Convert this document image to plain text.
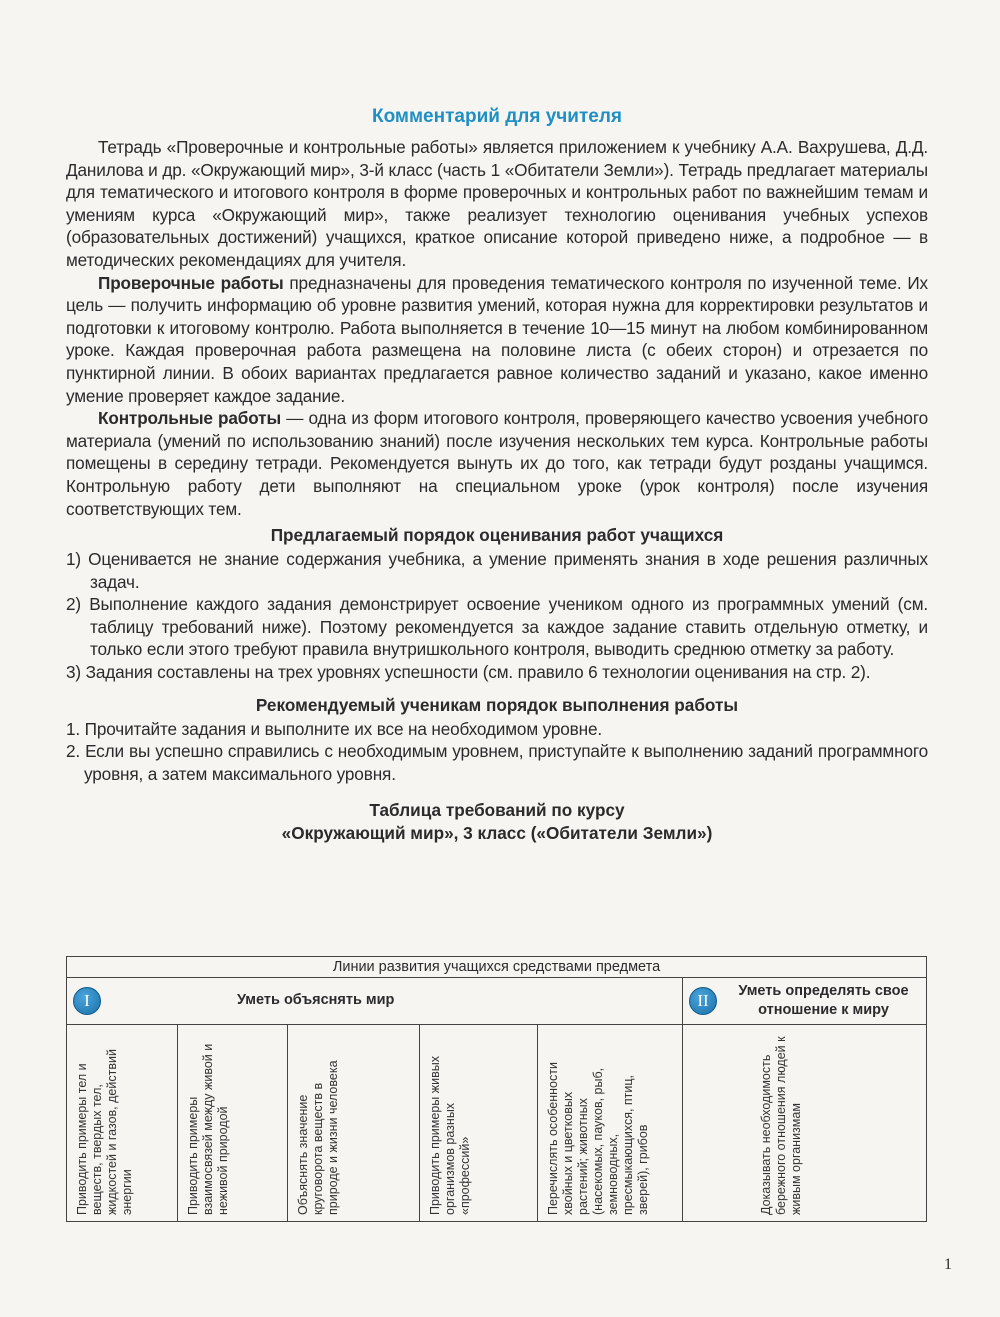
Комментарий для учителя

Тетрадь «Проверочные и контрольные работы» является приложением к учебнику А.А. Вахрушева, Д.Д. Данилова и др. «Окружающий мир», 3-й класс (часть 1 «Обитатели Земли»). Тетрадь предлагает материалы для тематического и итогового контроля в форме проверочных и контрольных работ по важнейшим темам и умениям курса «Окружающий мир», также реализует технологию оценивания учебных успехов (образовательных достижений) учащихся, краткое описание которой приведено ниже, а подробное — в методических рекомендациях для учителя.

Проверочные работы предназначены для проведения тематического контроля по изученной теме. Их цель — получить информацию об уровне развития умений, которая нужна для корректировки результатов и подготовки к итоговому контролю. Работа выполняется в течение 10—15 минут на любом комбинированном уроке. Каждая проверочная работа размещена на половине листа (с обеих сторон) и отрезается по пунктирной линии. В обоих вариантах предлагается равное количество заданий и указано, какое именно умение проверяет каждое задание.

Контрольные работы — одна из форм итогового контроля, проверяющего качество усвоения учебного материала (умений по использованию знаний) после изучения нескольких тем курса. Контрольные работы помещены в середину тетради. Рекомендуется вынуть их до того, как тетради будут розданы учащимся. Контрольную работу дети выполняют на специальном уроке (урок контроля) после изучения соответствующих тем.

Предлагаемый порядок оценивания работ учащихся
1) Оценивается не знание содержания учебника, а умение применять знания в ходе решения различных задач.
2) Выполнение каждого задания демонстрирует освоение учеником одного из программных умений (см. таблицу требований ниже). Поэтому рекомендуется за каждое задание ставить отдельную отметку, и только если этого требуют правила внутришкольного контроля, выводить среднюю отметку за работу.
3) Задания составлены на трех уровнях успешности (см. правило 6 технологии оценивания на стр. 2).
Рекомендуемый ученикам порядок выполнения работы
1. Прочитайте задания и выполните их все на необходимом уровне.
2. Если вы успешно справились с необходимым уровнем, приступайте к выполнению заданий программного уровня, а затем максимального уровня.
Таблица требований по курсу
«Окружающий мир», 3 класс («Обитатели Земли»)
Линии развития учащихся средствами предмета					

I Уметь объяснять мир					II Уметь определять свое отношение к миру

Приводить примеры тел и веществ, твердых тел, жидкостей и газов, действий энергии	Приводить примеры взаимосвязей между живой и неживой природой	Объяснять значение круговорота веществ в природе и жизни человека	Приводить примеры живых организмов разных «профессий»	Перечислять особенности хвойных и цветковых растений; животных (насекомых, пауков, рыб, земноводных, пресмыкающихся, птиц, зверей), грибов	Доказывать необходимость бережного отношения людей к живым организмам
1
